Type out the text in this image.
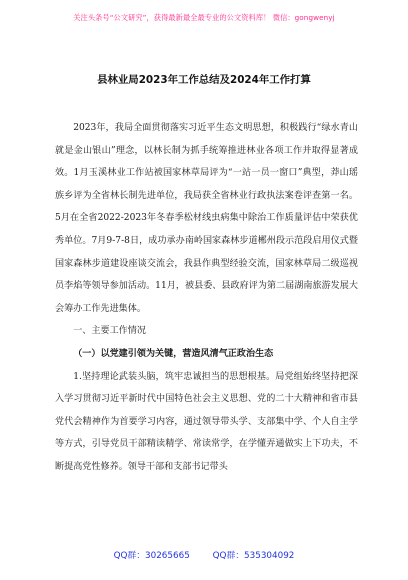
关注头条号“公文研究”，获得最新最全最专业的公文资料库！ 微信：gongwenyj
县林业局2023年工作总结及2024年工作打算

2023年，我局全面贯彻落实习近平生态文明思想，积极践行“绿水青山就是金山银山”理念，以林长制为抓手统筹推进林业各项工作并取得显著成效。1月玉溪林业工作站被国家林草局评为“一站一员一窗口”典型，莽山瑶族乡评为全省林长制先进单位，我局获全省林业行政执法案卷评查第一名。5月在全省2022-2023年冬春季松材线虫病集中除治工作质量评估中荣获优秀单位。7月9-7-8日，成功承办南岭国家森林步道郴州段示范段启用仪式暨国家森林步道建设座谈交流会，我县作典型经验交流，国家林草局二级巡视员李焰等领导参加活动。11月，被县委、县政府评为第二届湖南旅游发展大会筹办工作先进集体。

一、主要工作情况

（一）以党建引领为关键，营造风清气正政治生态

1.坚持理论武装头脑，筑牢忠诚担当的思想根基。局党组始终坚持把深入学习贯彻习近平新时代中国特色社会主义思想、党的二十大精神和省市县党代会精神作为首要学习内容，通过领导带头学、支部集中学、个人自主学等方式，引导党员干部精读精学、常读常学，在学懂弄通做实上下功夫，不断提高党性修养。领导干部和支部书记带头

QQ群：30265665	QQ群：535304092
